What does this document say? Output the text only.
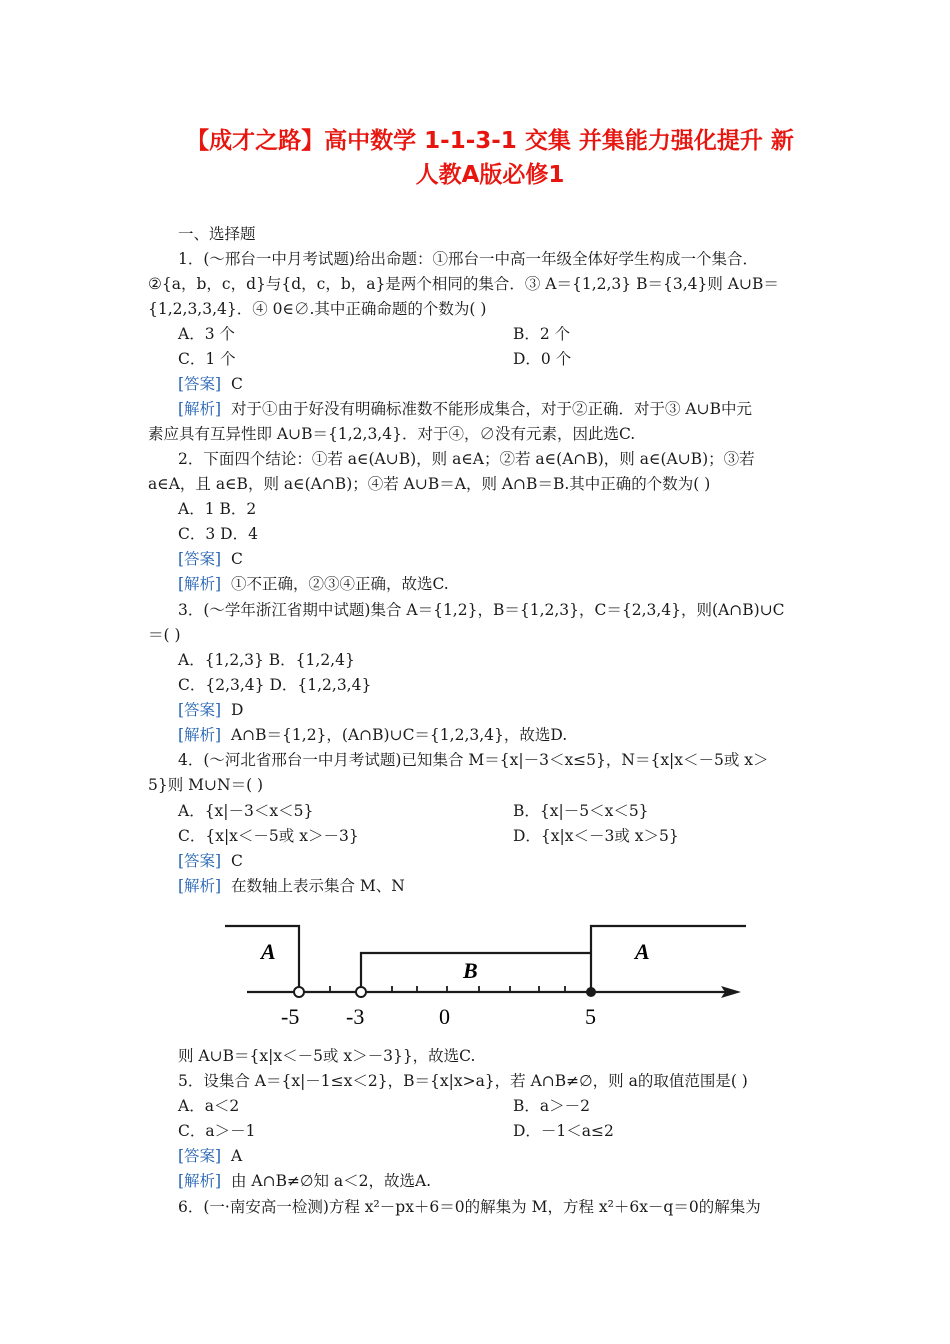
【成才之路】高中数学 1-1-3-1 交集 并集能力强化提升 新
人教A版必修1
一、选择题
1．(～邢台一中月考试题)给出命题：①邢台一中高一年级全体好学生构成一个集合．
②{a，b，c，d}与{d，c，b，a}是两个相同的集合．③ A＝{1,2,3} B＝{3,4}则 A∪B＝
{1,2,3,3,4}．④ 0∈∅.其中正确命题的个数为( )
A．3 个	B．2 个
C．1 个	D．0 个
[答案] C
[解析] 对于①由于好没有明确标准数不能形成集合，对于②正确．对于③ A∪B中元
素应具有互异性即 A∪B＝{1,2,3,4}．对于④，∅没有元素，因此选C.
2．下面四个结论：①若 a∈(A∪B)，则 a∈A；②若 a∈(A∩B)，则 a∈(A∪B)；③若
a∈A，且 a∈B，则 a∈(A∩B)；④若 A∪B＝A，则 A∩B＝B.其中正确的个数为( )
A．1 B．2
C．3 D．4
[答案] C
[解析] ①不正确，②③④正确，故选C.
3．(～学年浙江省期中试题)集合 A＝{1,2}，B＝{1,2,3}，C＝{2,3,4}，则(A∩B)∪C
＝( )
A．{1,2,3} B．{1,2,4}
C．{2,3,4} D．{1,2,3,4}
[答案] D
[解析] A∩B＝{1,2}，(A∩B)∪C＝{1,2,3,4}，故选D.
4．(～河北省邢台一中月考试题)已知集合 M＝{x|－3＜x≤5}，N＝{x|x＜－5或 x＞
5}则 M∪N＝( )
A．{x|－3＜x＜5}	B．{x|－5＜x＜5}
C．{x|x＜－5或 x＞－3}	D．{x|x＜－3或 x＞5}
[答案] C
[解析] 在数轴上表示集合 M、N
A
B
A
-5 -3	0	5
则 A∪B＝{x|x＜－5或 x＞－3}}，故选C.
5．设集合 A＝{x|－1≤x＜2}，B＝{x|x>a}，若 A∩B≠∅，则 a的取值范围是( )
A．a＜2	B．a＞－2
C．a＞－1	D．－1＜a≤2
[答案] A
[解析] 由 A∩B≠∅知 a＜2，故选A.
6．(一·南安高一检测)方程 x²－px＋6＝0的解集为 M，方程 x²＋6x－q＝0的解集为
